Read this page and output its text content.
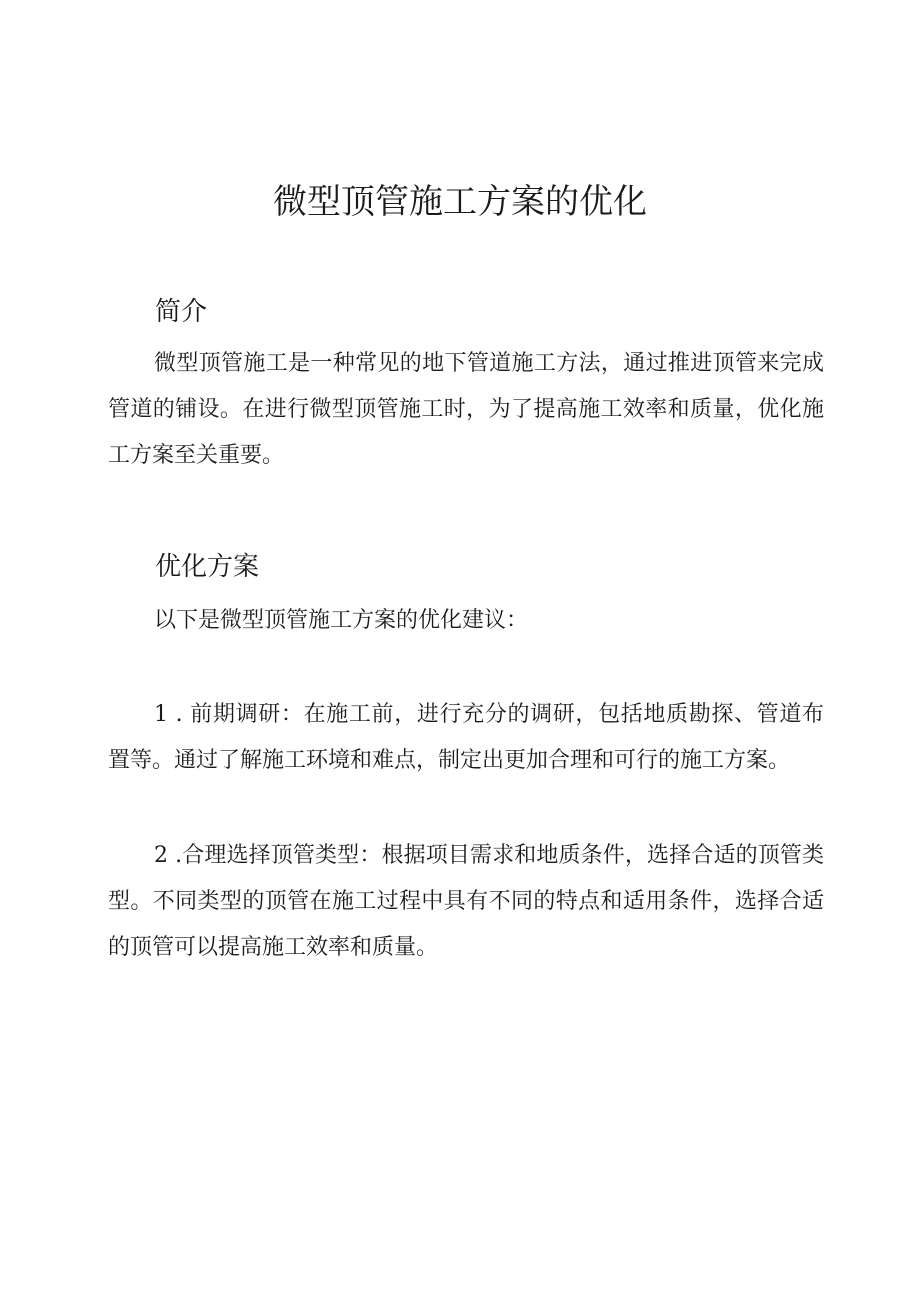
微型顶管施工方案的优化
简介

微型顶管施工是一种常见的地下管道施工方法，通过推进顶管来完成管道的铺设。在进行微型顶管施工时，为了提高施工效率和质量，优化施工方案至关重要。

优化方案

以下是微型顶管施工方案的优化建议：

1 . 前期调研：在施工前，进行充分的调研，包括地质勘探、管道布置等。通过了解施工环境和难点，制定出更加合理和可行的施工方案。

2 .合理选择顶管类型：根据项目需求和地质条件，选择合适的顶管类型。不同类型的顶管在施工过程中具有不同的特点和适用条件，选择合适的顶管可以提高施工效率和质量。
